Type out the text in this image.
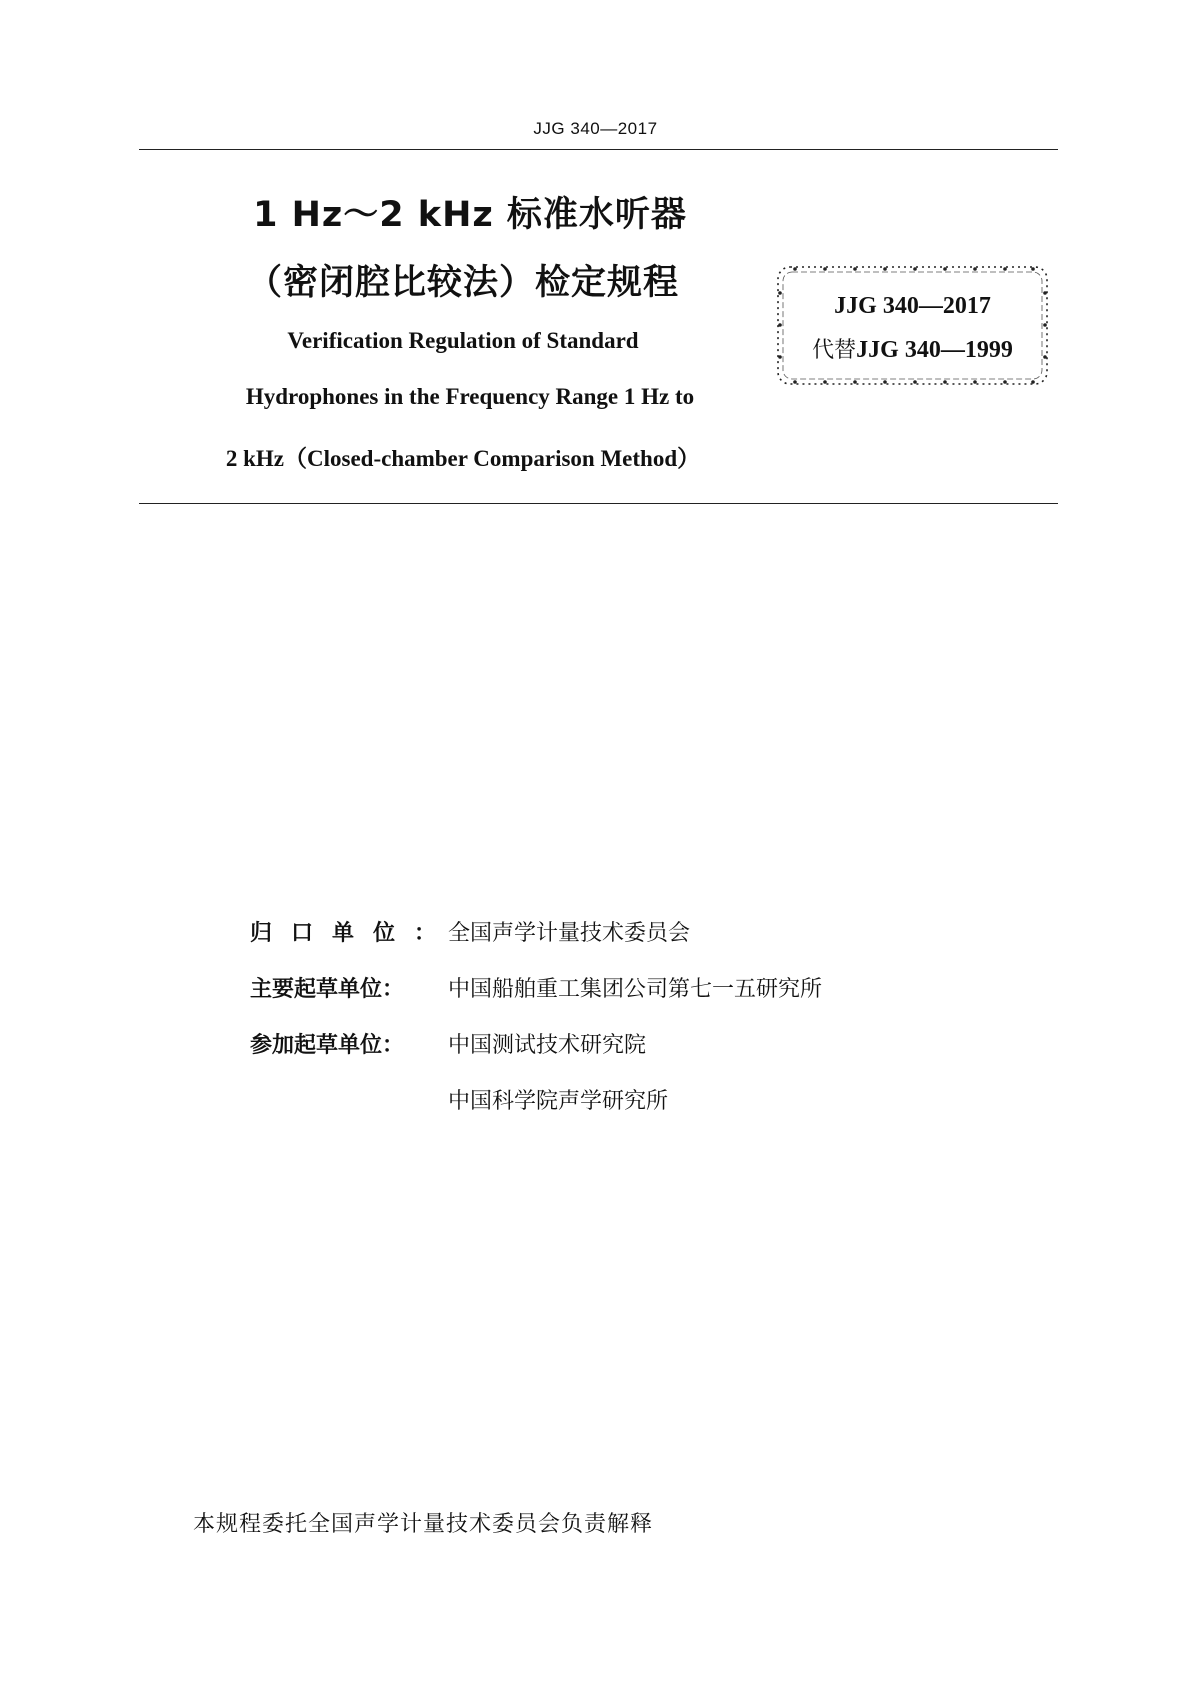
JJG 340—2017
1 Hz～2 kHz 标准水听器
（密闭腔比较法）检定规程
JJG 340—2017
代替JJG 340—1999
Verification Regulation of Standard
Hydrophones in the Frequency Range 1 Hz to
2 kHz（Closed-chamber Comparison Method）
归口单位：全国声学计量技术委员会
主要起草单位： 中国船舶重工集团公司第七一五研究所
参加起草单位： 中国测试技术研究院
中国科学院声学研究所
本规程委托全国声学计量技术委员会负责解释
